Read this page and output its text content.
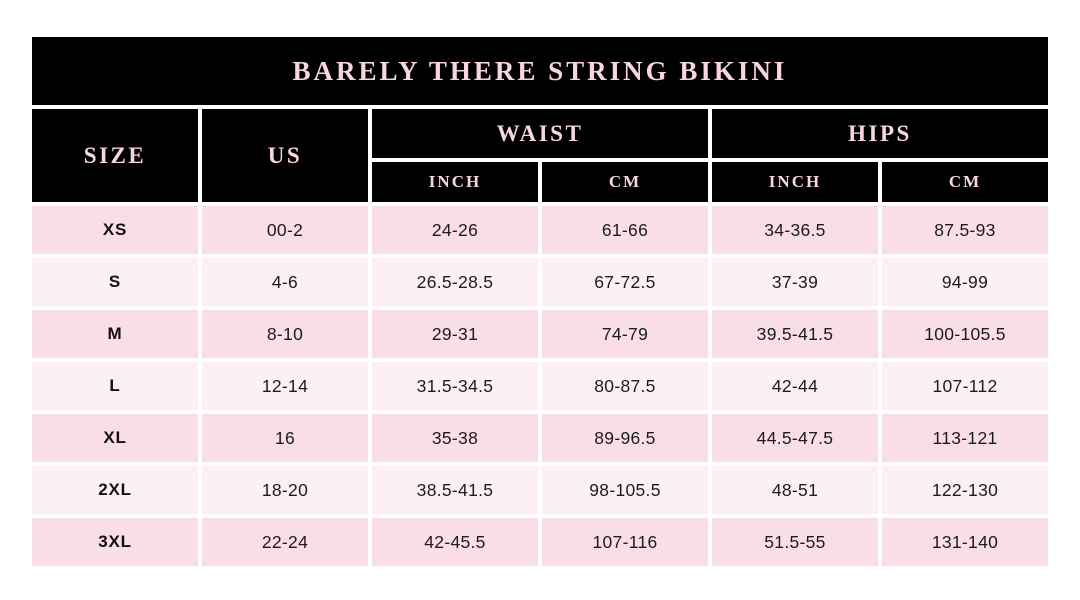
BARELY THERE STRING BIKINI
SIZE	US
WAIST	HIPS
INCH	CM	INCH	CM
XS	00-2	24-26	61-66	34-36.5	87.5-93
S	4-6	26.5-28.5	67-72.5	37-39	94-99
M	8-10	29-31	74-79	39.5-41.5	100-105.5
L	12-14	31.5-34.5	80-87.5	42-44	107-112
XL	16	35-38	89-96.5	44.5-47.5	113-121
2XL	18-20	38.5-41.5	98-105.5	48-51	122-130
3XL	22-24	42-45.5	107-116	51.5-55	131-140
